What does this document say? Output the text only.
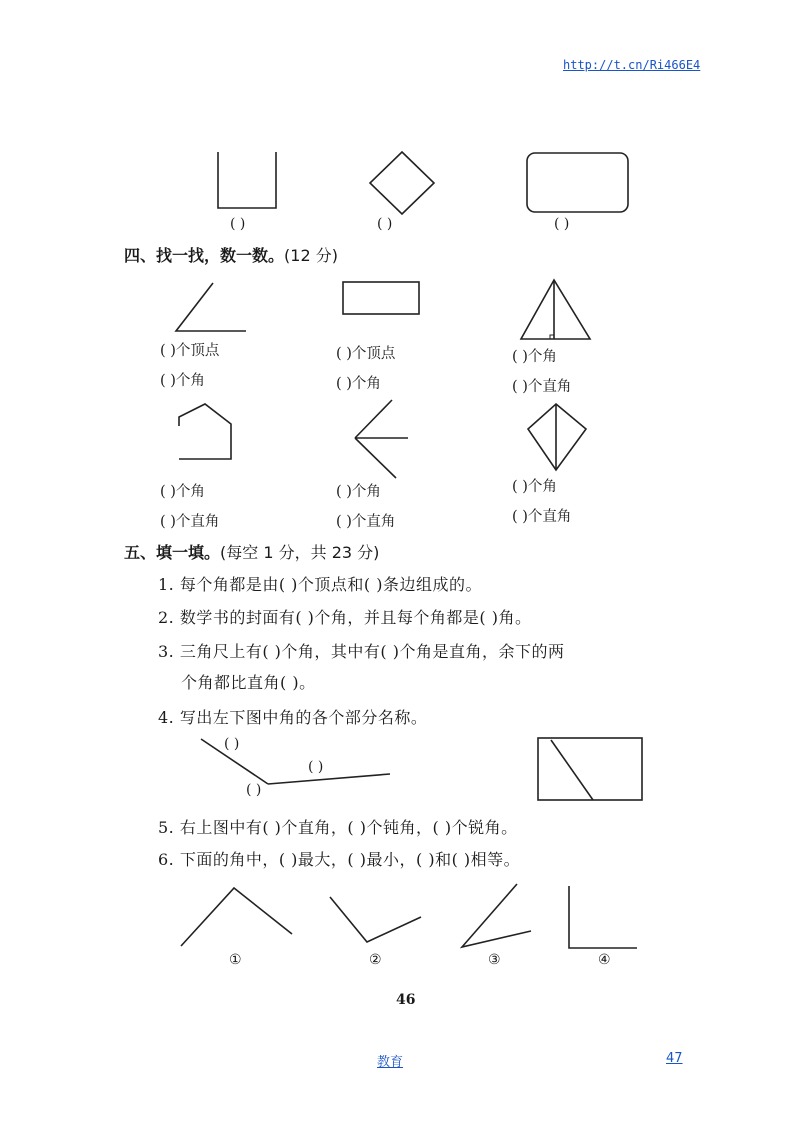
http://t.cn/Ri466E4
( )	( )	( )
四、找一找，数一数。(12 分)
( )个顶点
( )个角
( )个顶点
( )个角
( )个角
( )个直角
( )个角
( )个直角
( )个角
( )个直角
( )个角
( )个直角
五、填一填。(每空 1 分，共 23 分)
1. 每个角都是由( )个顶点和( )条边组成的。
2. 数学书的封面有( )个角，并且每个角都是( )角。
3. 三角尺上有( )个角，其中有( )个角是直角，余下的两
个角都比直角( )。
4. 写出左下图中角的各个部分名称。
( )
( )
( )
5. 右上图中有( )个直角，( )个钝角，( )个锐角。
6. 下面的角中，( )最大，( )最小，( )和( )相等。
①	②	③	④
46
教育	47
